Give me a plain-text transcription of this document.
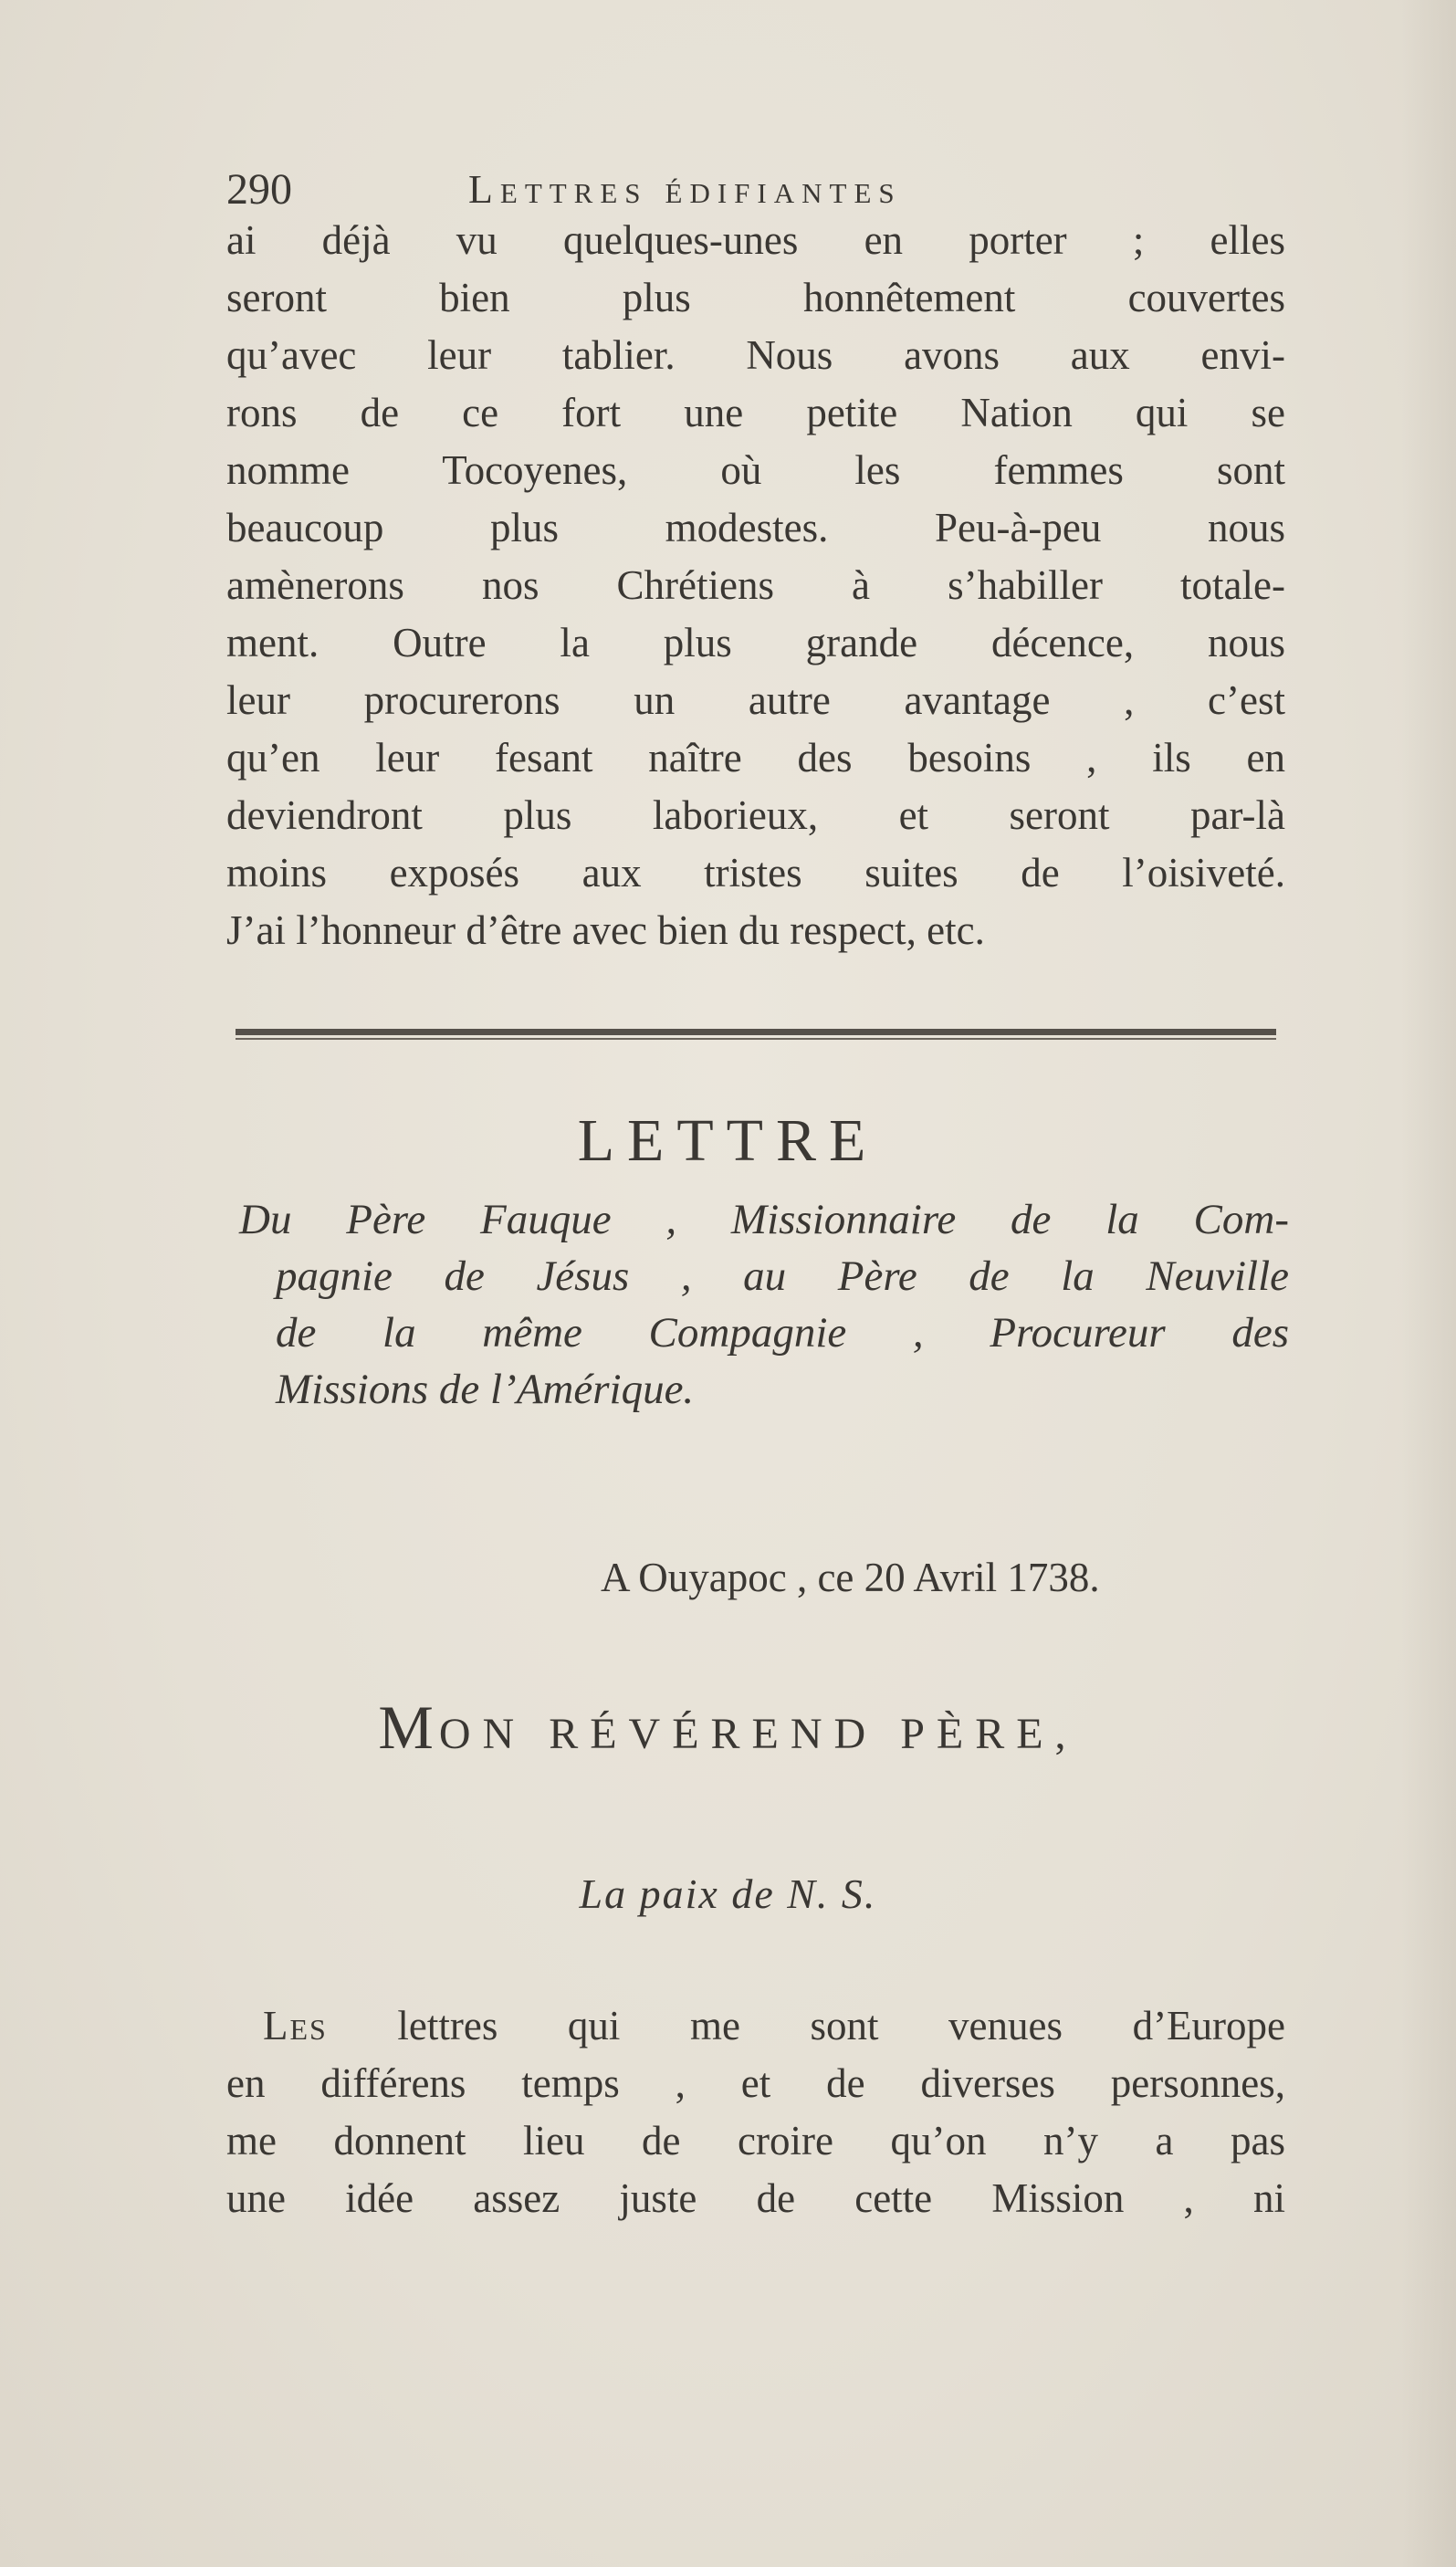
290	Lettres édifiantes
ai déjà vu quelques-unes en porter ; elles
seront bien plus honnêtement couvertes
qu’avec leur tablier. Nous avons aux envi-
rons de ce fort une petite Nation qui se
nomme Tocoyenes, où les femmes sont
beaucoup plus modestes. Peu-à-peu nous
amènerons nos Chrétiens à s’habiller totale-
ment. Outre la plus grande décence, nous
leur procurerons un autre avantage , c’est
qu’en leur fesant naître des besoins , ils en
deviendront plus laborieux, et seront par-là
moins exposés aux tristes suites de l’oisiveté.
J’ai l’honneur d’être avec bien du respect, etc.
LETTRE
Du Père Fauque , Missionnaire de la Com-
pagnie de Jésus , au Père de la Neuville
de la même Compagnie , Procureur des
Missions de l’Amérique.
A Ouyapoc , ce 20 Avril 1738.
MON RÉVÉREND PÈRE,
La paix de N. S.
Les lettres qui me sont venues d’Europe
en différens temps , et de diverses personnes,
me donnent lieu de croire qu’on n’y a pas
une idée assez juste de cette Mission , ni
